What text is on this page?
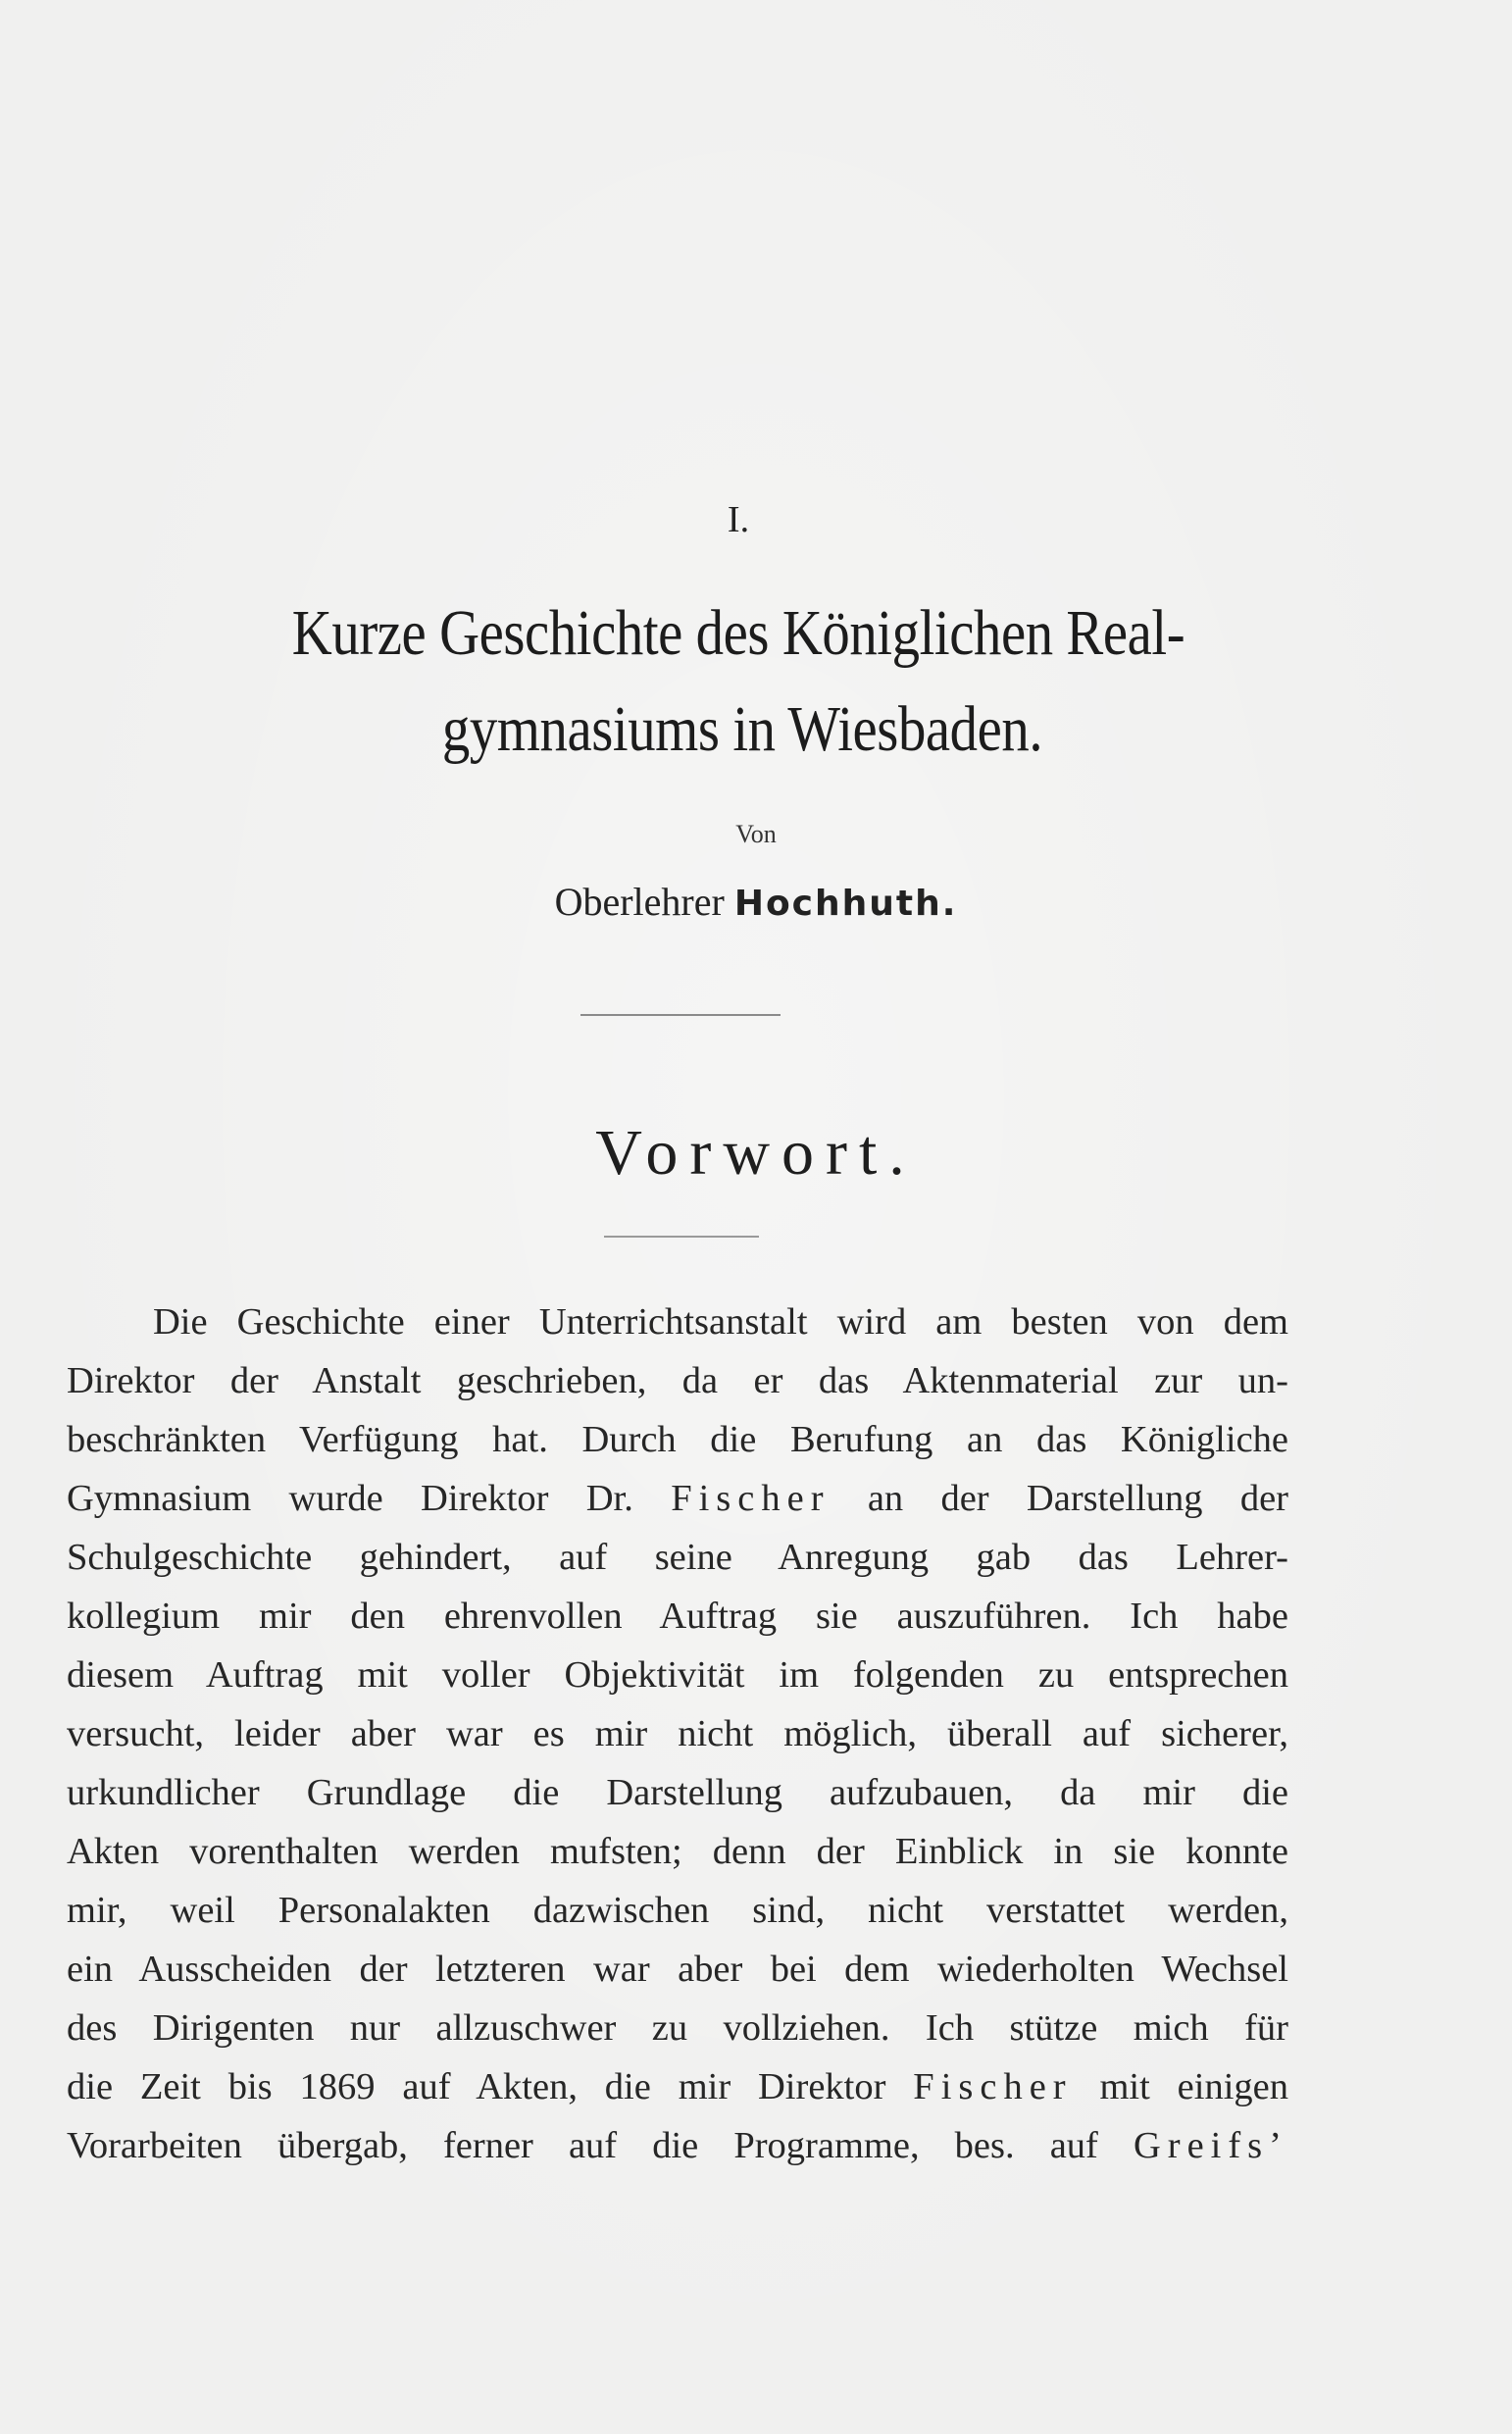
I.
Kurze Geschichte des Königlichen Real-
gymnasiums in Wiesbaden.
Von
Oberlehrer Hochhuth.
Vorwort.
Die Geschichte einer Unterrichtsanstalt wird am besten von dem
Direktor der Anstalt geschrieben, da er das Aktenmaterial zur un-
beschränkten Verfügung hat. Durch die Berufung an das Königliche
Gymnasium wurde Direktor Dr. Fischer an der Darstellung der
Schulgeschichte gehindert, auf seine Anregung gab das Lehrer-
kollegium mir den ehrenvollen Auftrag sie auszuführen. Ich habe
diesem Auftrag mit voller Objektivität im folgenden zu entsprechen
versucht, leider aber war es mir nicht möglich, überall auf sicherer,
urkundlicher Grundlage die Darstellung aufzubauen, da mir die
Akten vorenthalten werden mufsten; denn der Einblick in sie konnte
mir, weil Personalakten dazwischen sind, nicht verstattet werden,
ein Ausscheiden der letzteren war aber bei dem wiederholten Wechsel
des Dirigenten nur allzuschwer zu vollziehen. Ich stütze mich für
die Zeit bis 1869 auf Akten, die mir Direktor Fischer mit einigen
Vorarbeiten übergab, ferner auf die Programme, bes. auf Greifs’
